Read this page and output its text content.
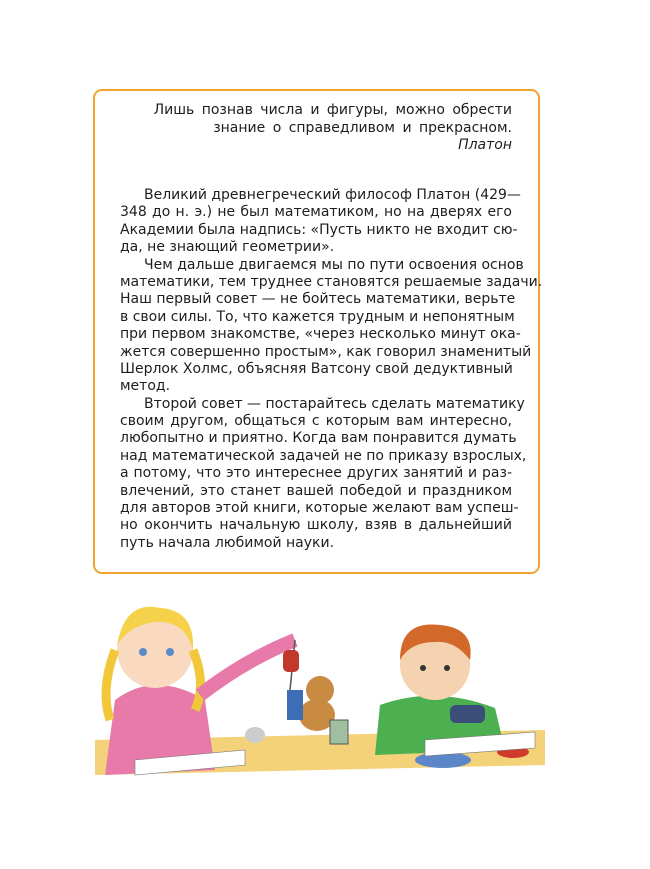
Лишь познав числа и фигуры, можно обрести
знание о справедливом и прекрасном.
Платон
Великий древнегреческий философ Платон (429—
348 до н. э.) не был математиком, но на дверях его
Академии была надпись: «Пусть никто не входит сю-
да, не знающий геометрии».
Чем дальше двигаемся мы по пути освоения основ
математики, тем труднее становятся решаемые задачи.
Наш первый совет — не бойтесь математики, верьте
в свои силы. То, что кажется трудным и непонятным
при первом знакомстве, «через несколько минут ока-
жется совершенно простым», как говорил знаменитый
Шерлок Холмс, объясняя Ватсону свой дедуктивный
метод.
Второй совет — постарайтесь сделать математику
своим другом, общаться с которым вам интересно,
любопытно и приятно. Когда вам понравится думать
над математической задачей не по приказу взрослых,
а потому, что это интереснее других занятий и раз-
влечений, это станет вашей победой и праздником
для авторов этой книги, которые желают вам успеш-
но окончить начальную школу, взяв в дальнейший
путь начала любимой науки.
